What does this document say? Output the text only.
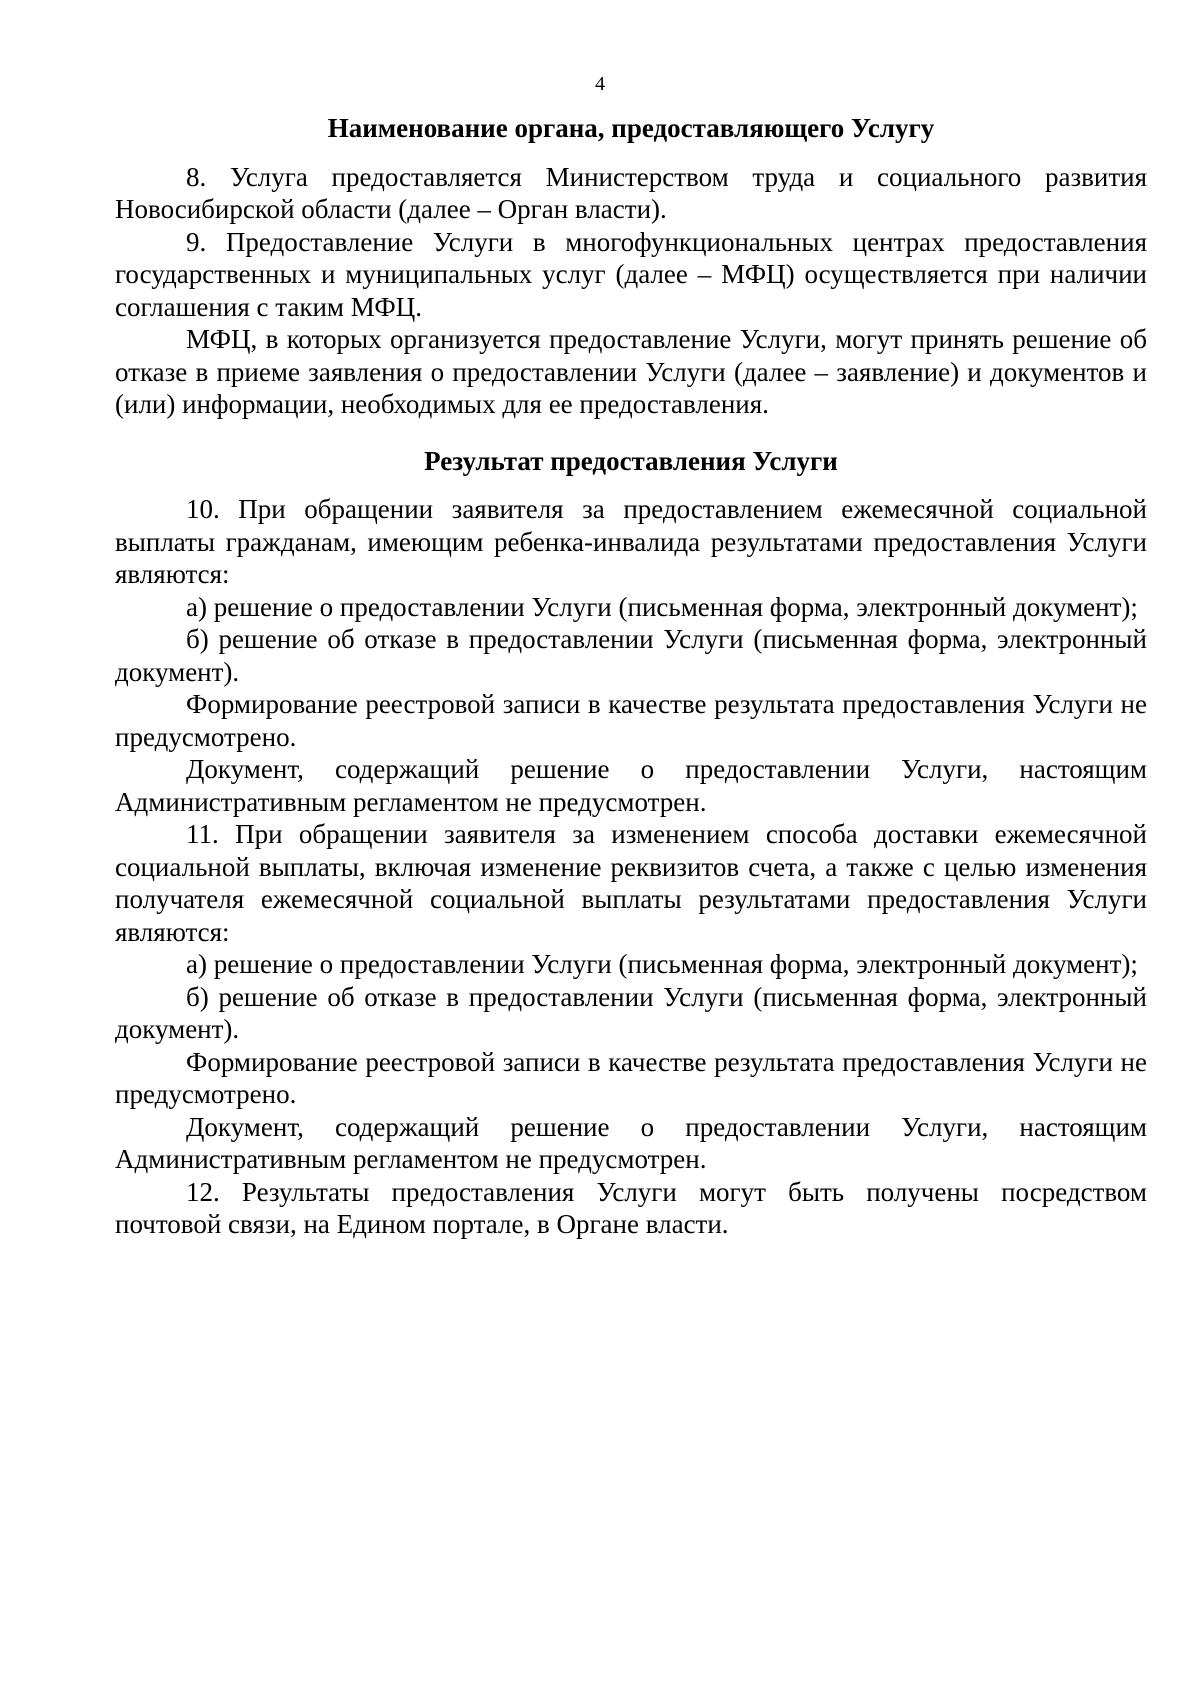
4
Наименование органа, предоставляющего Услугу

8. Услуга предоставляется Министерством труда и социального развития Новосибирской области (далее – Орган власти).

9. Предоставление Услуги в многофункциональных центрах предоставления государственных и муниципальных услуг (далее – МФЦ) осуществляется при наличии соглашения с таким МФЦ.

МФЦ, в которых организуется предоставление Услуги, могут принять решение об отказе в приеме заявления о предоставлении Услуги (далее – заявление) и документов и (или) информации, необходимых для ее предоставления.

Результат предоставления Услуги

10. При обращении заявителя за предоставлением ежемесячной социальной выплаты гражданам, имеющим ребенка-инвалида результатами предоставления Услуги являются:

а) решение о предоставлении Услуги (письменная форма, электронный документ);

б) решение об отказе в предоставлении Услуги (письменная форма, электронный документ).

Формирование реестровой записи в качестве результата предоставления Услуги не предусмотрено.

Документ, содержащий решение о предоставлении Услуги, настоящим Административным регламентом не предусмотрен.

11. При обращении заявителя за изменением способа доставки ежемесячной социальной выплаты, включая изменение реквизитов счета, а также с целью изменения получателя ежемесячной социальной выплаты результатами предоставления Услуги являются:

а) решение о предоставлении Услуги (письменная форма, электронный документ);

б) решение об отказе в предоставлении Услуги (письменная форма, электронный документ).

Формирование реестровой записи в качестве результата предоставления Услуги не предусмотрено.

Документ, содержащий решение о предоставлении Услуги, настоящим Административным регламентом не предусмотрен.

12. Результаты предоставления Услуги могут быть получены посредством почтовой связи, на Едином портале, в Органе власти.
